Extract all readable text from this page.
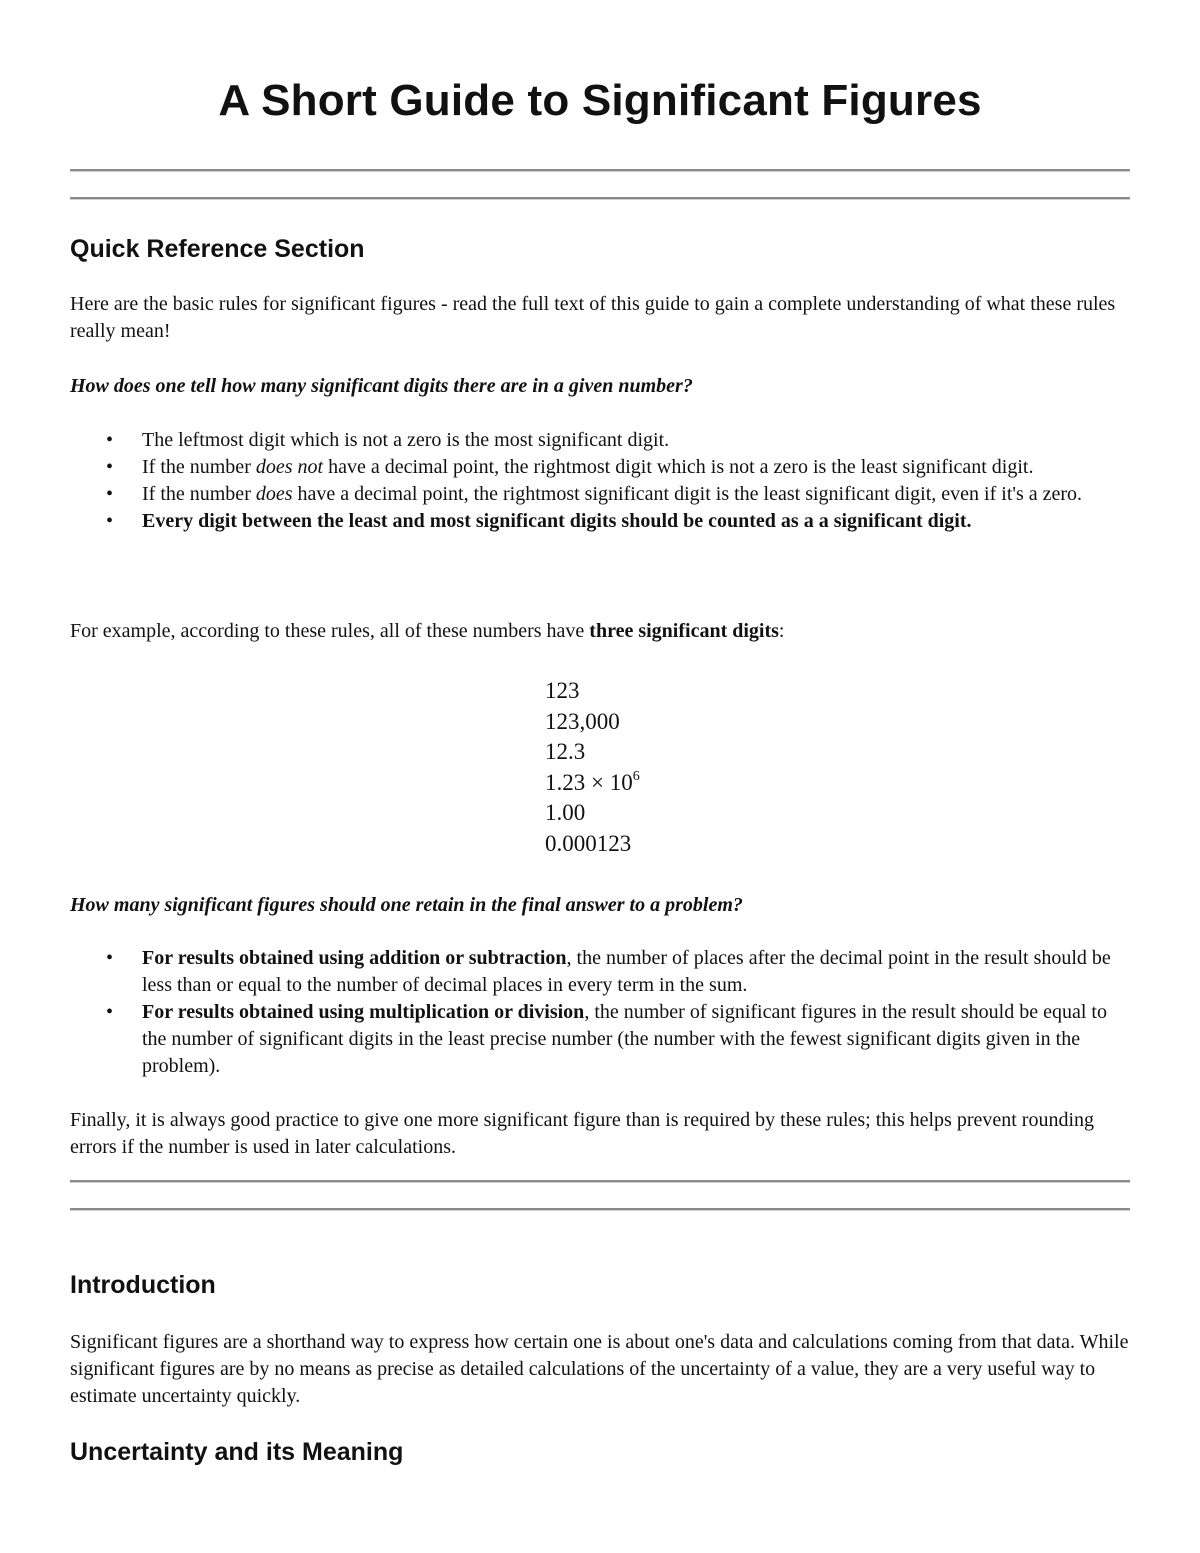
A Short Guide to Significant Figures
Quick Reference Section

Here are the basic rules for significant figures - read the full text of this guide to gain a complete understanding of what these rules really mean!

How does one tell how many significant digits there are in a given number?

• The leftmost digit which is not a zero is the most significant digit.
• If the number does not have a decimal point, the rightmost digit which is not a zero is the least significant digit.
• If the number does have a decimal point, the rightmost significant digit is the least significant digit, even if it's a zero.
• Every digit between the least and most significant digits should be counted as a a significant digit.

For example, according to these rules, all of these numbers have three significant digits:

123
123,000
12.3
$1.23 \times 10^6$
1.00
0.000123

How many significant figures should one retain in the final answer to a problem?

• For results obtained using addition or subtraction, the number of places after the decimal point in the result should be less than or equal to the number of decimal places in every term in the sum.
• For results obtained using multiplication or division, the number of significant figures in the result should be equal to the number of significant digits in the least precise number (the number with the fewest significant digits given in the problem).

Finally, it is always good practice to give one more significant figure than is required by these rules; this helps prevent rounding errors if the number is used in later calculations.

Introduction

Significant figures are a shorthand way to express how certain one is about one's data and calculations coming from that data. While significant figures are by no means as precise as detailed calculations of the uncertainty of a value, they are a very useful way to estimate uncertainty quickly.

Uncertainty and its Meaning
